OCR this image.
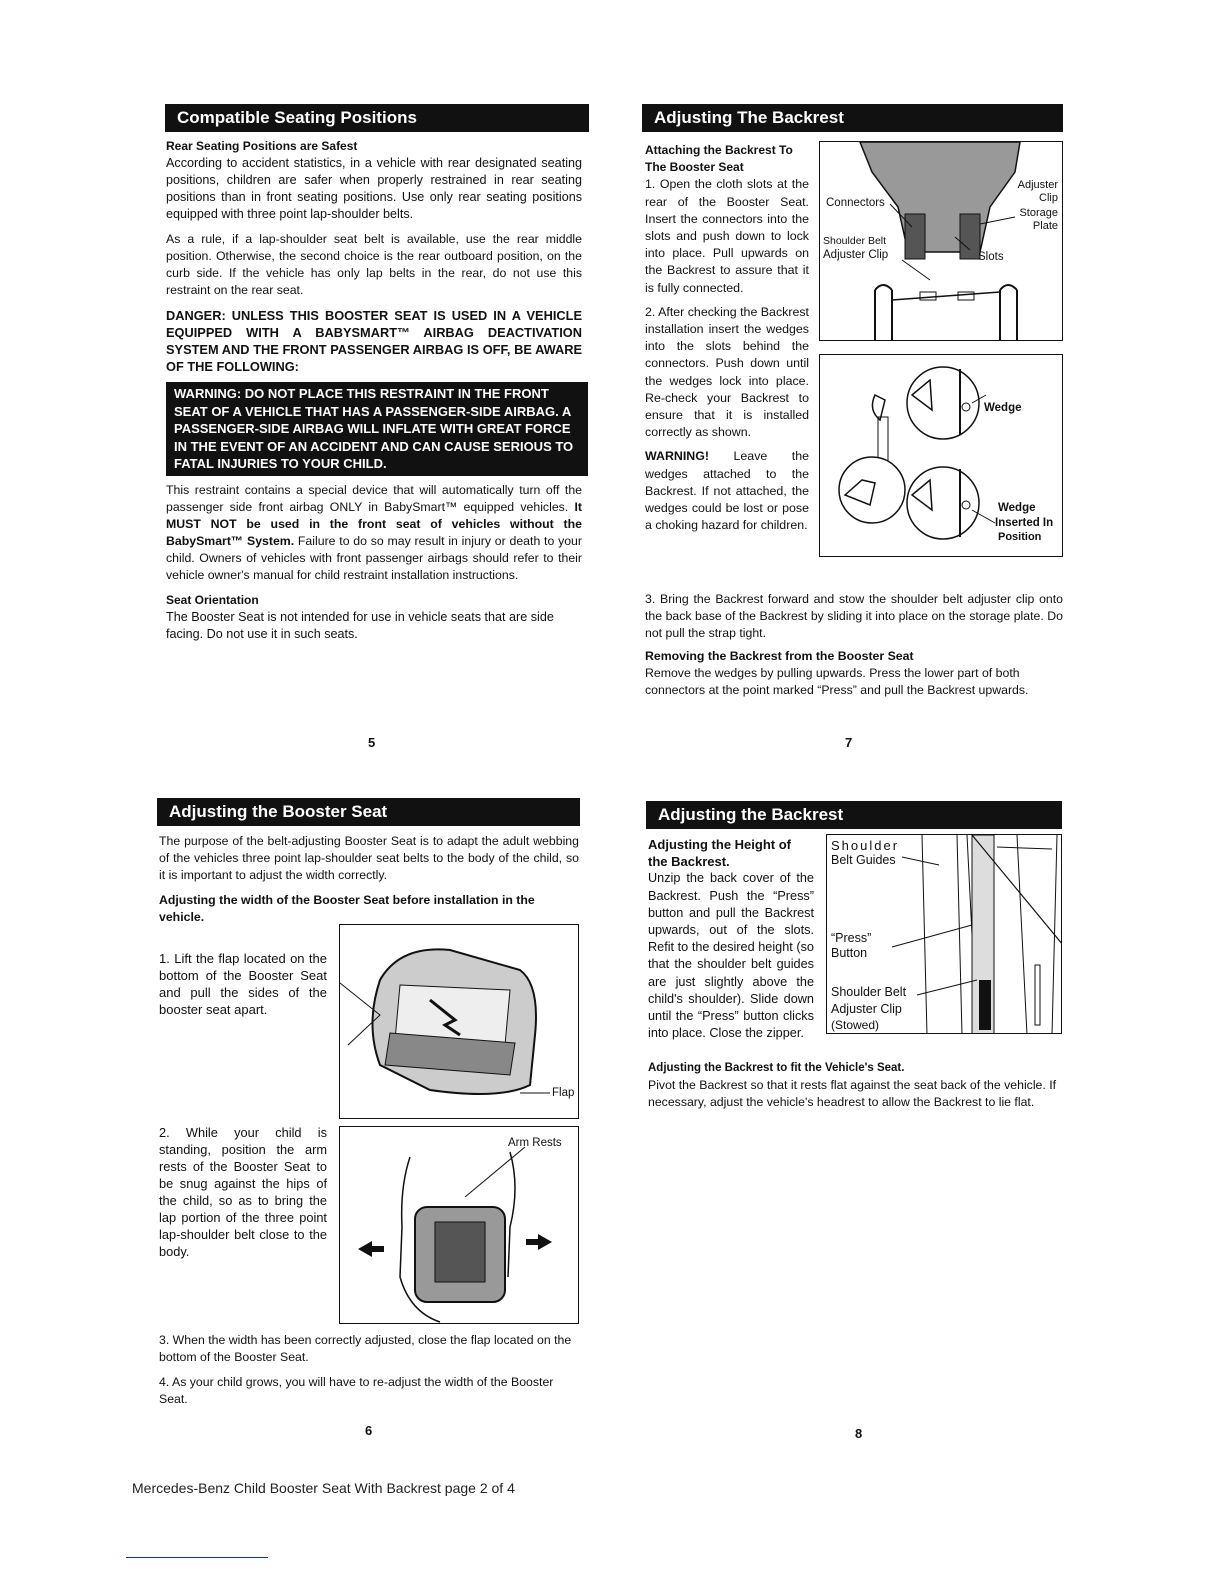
Compatible Seating Positions

Rear Seating Positions are Safest

According to accident statistics, in a vehicle with rear designated seating positions, children are safer when properly restrained in rear seating positions than in front seating positions. Use only rear seating positions equipped with three point lap-shoulder belts.

As a rule, if a lap-shoulder seat belt is available, use the rear middle position. Otherwise, the second choice is the rear outboard position, on the curb side. If the vehicle has only lap belts in the rear, do not use this restraint on the rear seat.

DANGER: UNLESS THIS BOOSTER SEAT IS USED IN A VEHICLE EQUIPPED WITH A BABYSMART™ AIRBAG DEACTIVATION SYSTEM AND THE FRONT PASSENGER AIRBAG IS OFF, BE AWARE OF THE FOLLOWING:

WARNING: DO NOT PLACE THIS RESTRAINT IN THE FRONT SEAT OF A VEHICLE THAT HAS A PASSENGER-SIDE AIRBAG. A PASSENGER-SIDE AIRBAG WILL INFLATE WITH GREAT FORCE IN THE EVENT OF AN ACCIDENT AND CAN CAUSE SERIOUS TO FATAL INJURIES TO YOUR CHILD.

This restraint contains a special device that will automatically turn off the passenger side front airbag ONLY in BabySmart™ equipped vehicles. It MUST NOT be used in the front seat of vehicles without the BabySmart™ System. Failure to do so may result in injury or death to your child. Owners of vehicles with front passenger airbags should refer to their vehicle owner's manual for child restraint installation instructions.

Seat Orientation

The Booster Seat is not intended for use in vehicle seats that are side facing. Do not use it in such seats.

5
Adjusting The Backrest

Attaching the Backrest To The Booster Seat

1. Open the cloth slots at the rear of the Booster Seat. Insert the connectors into the slots and push down to lock into place. Pull upwards on the Backrest to assure that it is fully connected.

2. After checking the Backrest installation insert the wedges into the slots behind the connectors. Push down until the wedges lock into place. Re-check your Backrest to ensure that it is installed correctly as shown.

WARNING! Leave the wedges attached to the Backrest. If not attached, the wedges could be lost or pose a choking hazard for children.

Connectors
Adjuster Clip
Storage Plate
Shoulder Belt
Adjuster Clip	Slots
Wedge
Wedge
Inserted In
Position

3. Bring the Backrest forward and stow the shoulder belt adjuster clip onto the back base of the Backrest by sliding it into place on the storage plate. Do not pull the strap tight.

Removing the Backrest from the Booster Seat

Remove the wedges by pulling upwards. Press the lower part of both connectors at the point marked “Press” and pull the Backrest upwards.

7
Adjusting the Booster Seat

The purpose of the belt-adjusting Booster Seat is to adapt the adult webbing of the vehicles three point lap-shoulder seat belts to the body of the child, so it is important to adjust the width correctly.

Adjusting the width of the Booster Seat before installation in the vehicle.

1. Lift the flap located on the bottom of the Booster Seat and pull the sides of the booster seat apart.
Flap
2. While your child is standing, position the arm rests of the Booster Seat to be snug against the hips of the child, so as to bring the lap portion of the three point lap-shoulder belt close to the body.
Arm Rests

3. When the width has been correctly adjusted, close the flap located on the bottom of the Booster Seat.

4. As your child grows, you will have to re-adjust the width of the Booster Seat.

6
Adjusting the Backrest

Adjusting the Height of the Backrest.

Unzip the back cover of the Backrest. Push the “Press” button and pull the Backrest upwards, out of the slots. Refit to the desired height (so that the shoulder belt guides are just slightly above the child's shoulder). Slide down until the “Press” button clicks into place. Close the zipper.

Shoulder
Belt Guides
“Press”
Button
Shoulder Belt
Adjuster Clip
(Stowed)

Adjusting the Backrest to fit the Vehicle's Seat.

Pivot the Backrest so that it rests flat against the seat back of the vehicle. If necessary, adjust the vehicle's headrest to allow the Backrest to lie flat.

8
Mercedes-Benz Child Booster Seat With Backrest page 2 of 4
